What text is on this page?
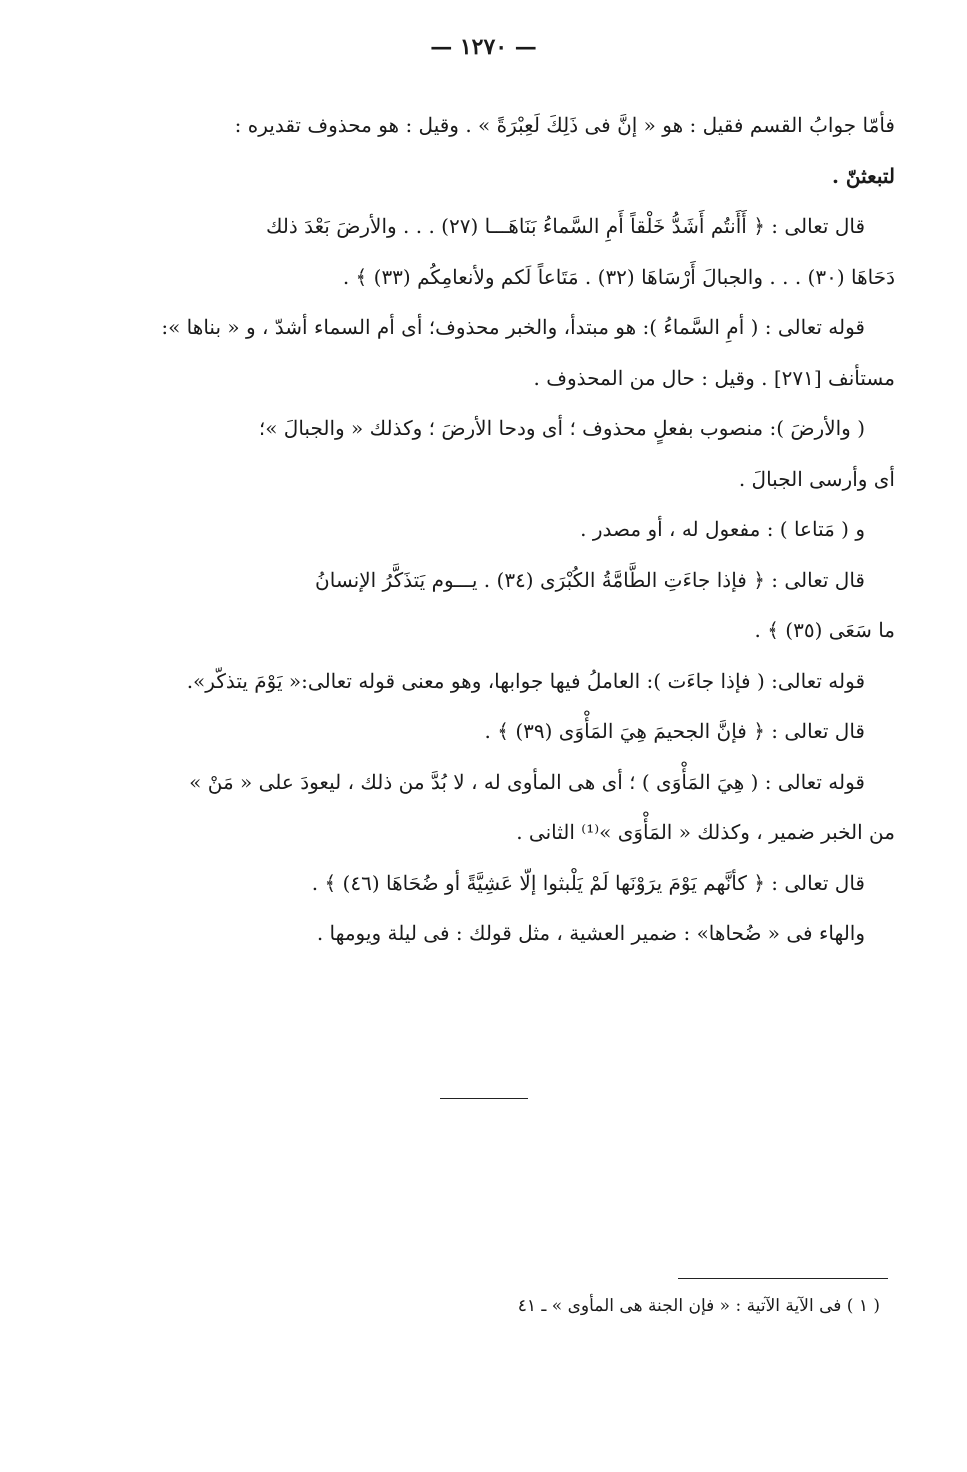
— ١٢٧٠ —
فأمّا جوابُ القسم فقيل : هو « إنَّ فى ذَلِكَ لَعِبْرَةً » . وقيل : هو محذوف تقديره :
لتبعثنّ .
قال تعالى : ﴿ أَأَنتُم أَشَدُّ خَلْقاً أَمِ السَّماءُ بَنَاهَـــا (٢٧) . . . والأرضَ بَعْدَ ذلك
دَحَاهَا (٣٠) . . . والجبالَ أَرْسَاهَا (٣٢) . مَتَاعاً لَكم ولأنعامِكُم (٣٣) ﴾ .
قوله تعالى : ( أمِ السَّماءُ ): هو مبتدأ، والخبر محذوف؛ أى أم السماء أشدّ ، و « بناها »:
مستأنف [٢٧١] . وقيل : حال من المحذوف .
( والأرضَ ): منصوب بفعلٍ محذوف ؛ أى ودحا الأرضَ ؛ وكذلك « والجبالَ »؛
أى وأرسى الجبالَ .
و ( مَتاعا ) : مفعول له ، أو مصدر .
قال تعالى : ﴿ فإذا جاءَتِ الطَّامَّةُ الكُبْرَى (٣٤) . يـــوم يَتذَكَّرُ الإنسانُ
ما سَعَى (٣٥) ﴾ .
قوله تعالى: ( فإذا جاءَت ): العاملُ فيها جوابها، وهو معنى قوله تعالى:« يَوْمَ يتذكّر».
قال تعالى : ﴿ فإنَّ الجحيمَ هِيَ المَأْوَى (٣٩) ﴾ .
قوله تعالى : ( هِيَ المَأْوَى ) ؛ أى هى المأوى له ، لا بُدَّ من ذلك ، ليعودَ على « مَنْ »
من الخبر ضمير ، وكذلك « المَأْوَى »⁽¹⁾ الثانى .
قال تعالى : ﴿ كأنَّهم يَوْمَ يرَوْنَها لَمْ يَلْبثوا إلّا عَشِيَّةً أو ضُحَاهَا (٤٦) ﴾ .
والهاء فى « ضُحاها» : ضمير العشية ، مثل قولك : فى ليلة ويومها .
( ١ ) فى الآية الآتية : « فإن الجنة هى المأوى » ـ ٤١
